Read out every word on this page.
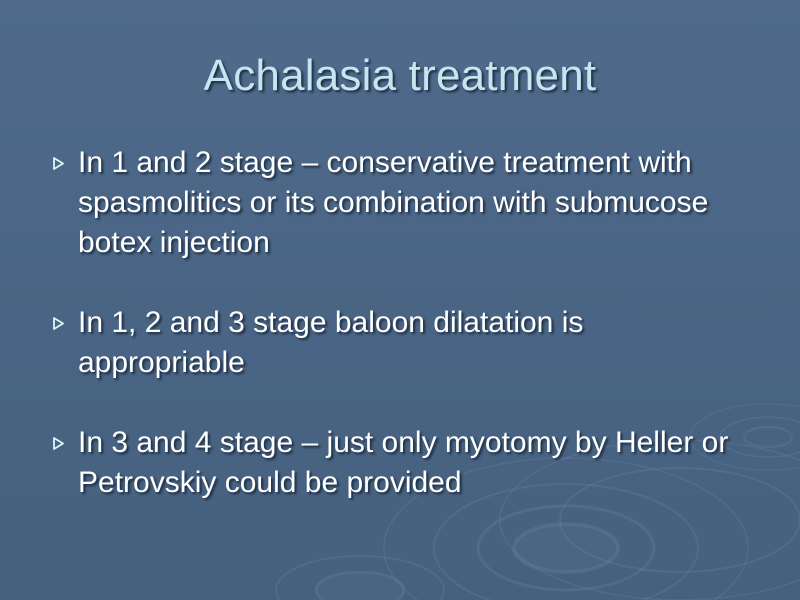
Achalasia treatment
In 1 and 2 stage – conservative treatment with spasmolitics or its combination with submucose botex injection
In 1, 2 and 3 stage baloon dilatation is appropriable
In 3 and 4 stage – just only myotomy by Heller or Petrovskiy could be provided
